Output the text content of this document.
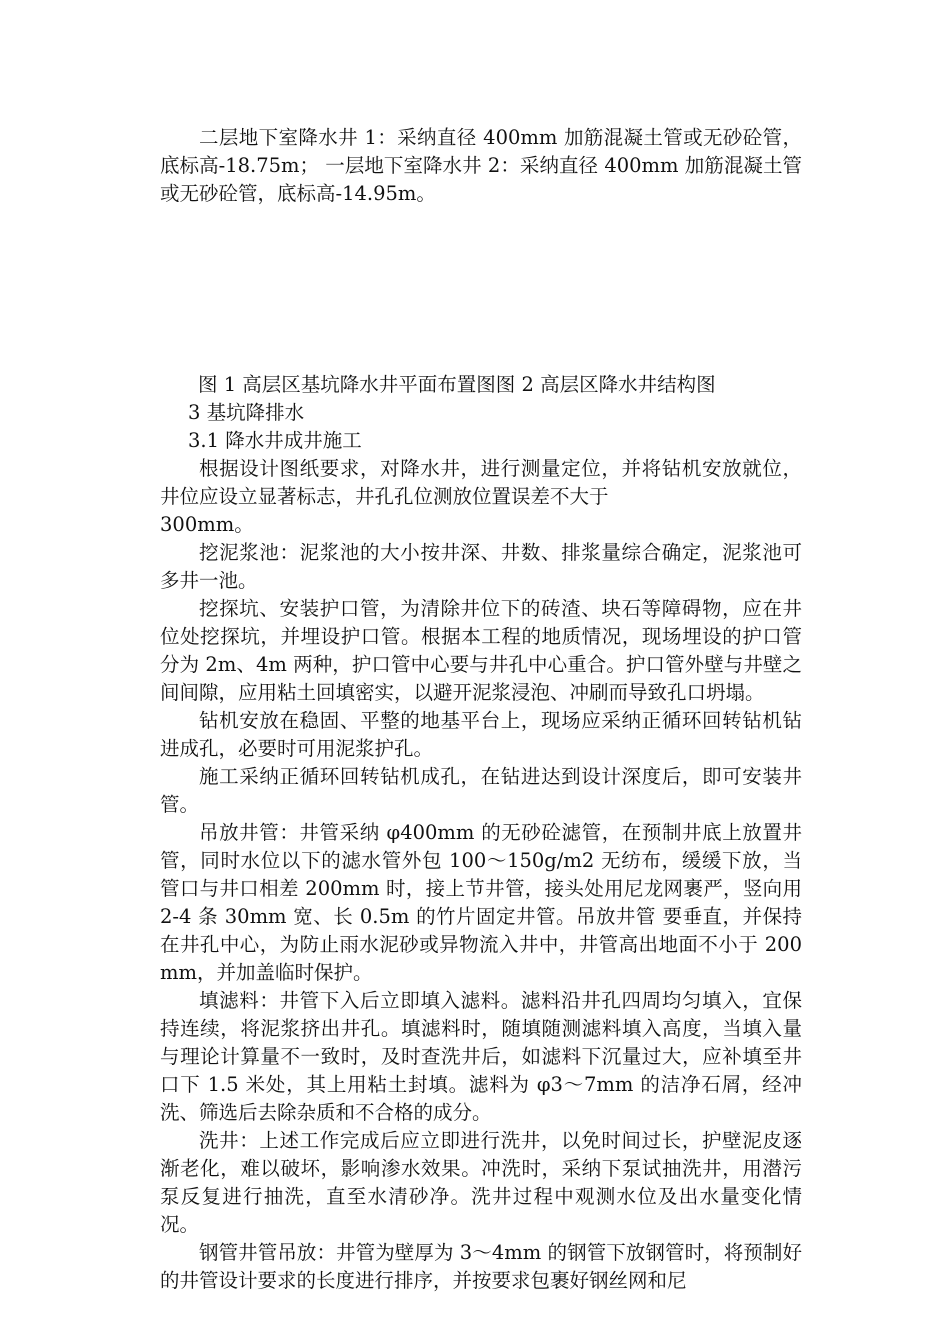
二层地下室降水井 1：采纳直径 400mm 加筋混凝土管或无砂砼管，底标高-18.75m； 一层地下室降水井 2：采纳直径 400mm 加筋混凝土管或无砂砼管，底标高-14.95m。

图 1 高层区基坑降水井平面布置图图 2 高层区降水井结构图

3 基坑降排水

3.1 降水井成井施工

根据设计图纸要求，对降水井，进行测量定位，并将钻机安放就位，井位应设立显著标志，井孔孔位测放位置误差不大于

300mm。

挖泥浆池：泥浆池的大小按井深、井数、排浆量综合确定，泥浆池可多井一池。

挖探坑、安装护口管，为清除井位下的砖渣、块石等障碍物，应在井位处挖探坑，并埋设护口管。根据本工程的地质情况，现场埋设的护口管分为 2m、4m 两种，护口管中心要与井孔中心重合。护口管外壁与井壁之间间隙，应用粘土回填密实，以避开泥浆浸泡、冲刷而导致孔口坍塌。

钻机安放在稳固、平整的地基平台上，现场应采纳正循环回转钻机钻进成孔，必要时可用泥浆护孔。

施工采纳正循环回转钻机成孔，在钻进达到设计深度后，即可安装井管。

吊放井管：井管采纳 φ400mm 的无砂砼滤管，在预制井底上放置井管，同时水位以下的滤水管外包 100～150g/m2 无纺布，缓缓下放，当管口与井口相差 200mm 时，接上节井管，接头处用尼龙网裹严，竖向用 2-4 条 30mm 宽、长 0.5m 的竹片固定井管。吊放井管 要垂直，并保持在井孔中心，为防止雨水泥砂或异物流入井中，井管高出地面不小于 200mm，并加盖临时保护。

填滤料：井管下入后立即填入滤料。滤料沿井孔四周均匀填入，宜保持连续，将泥浆挤出井孔。填滤料时，随填随测滤料填入高度，当填入量与理论计算量不一致时，及时查洗井后，如滤料下沉量过大，应补填至井口下 1.5 米处，其上用粘土封填。滤料为 φ3～7mm 的洁净石屑，经冲洗、筛选后去除杂质和不合格的成分。

洗井：上述工作完成后应立即进行洗井，以免时间过长，护壁泥皮逐渐老化，难以破坏，影响渗水效果。冲洗时，采纳下泵试抽洗井，用潜污泵反复进行抽洗，直至水清砂净。洗井过程中观测水位及出水量变化情况。

钢管井管吊放：井管为壁厚为 3～4mm 的钢管下放钢管时，将预制好的井管设计要求的长度进行排序，并按要求包裹好钢丝网和尼
